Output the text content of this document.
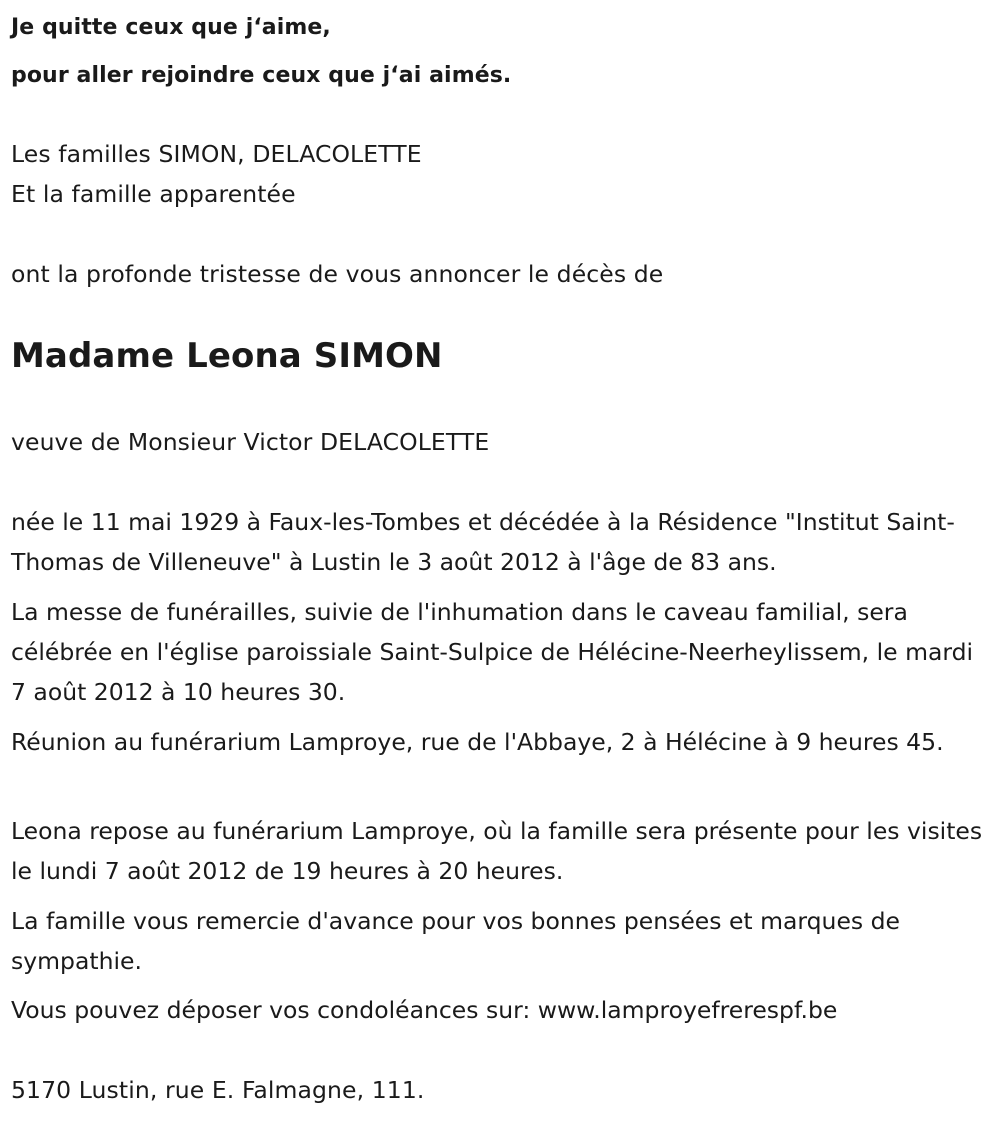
Je quitte ceux que j‘aime,
pour aller rejoindre ceux que j‘ai aimés.
Les familles SIMON, DELACOLETTE
Et la famille apparentée
ont la profonde tristesse de vous annoncer le décès de
Madame Leona SIMON
veuve de Monsieur Victor DELACOLETTE

née le 11 mai 1929 à Faux-les-Tombes et décédée à la Résidence "Institut Saint-Thomas de Villeneuve" à Lustin le 3 août 2012 à l'âge de 83 ans.

La messe de funérailles, suivie de l'inhumation dans le caveau familial, sera célébrée en l'église paroissiale Saint-Sulpice de Hélécine-Neerheylissem, le mardi 7 août 2012 à 10 heures 30.

Réunion au funérarium Lamproye, rue de l'Abbaye, 2 à Hélécine à 9 heures 45.

Leona repose au funérarium Lamproye, où la famille sera présente pour les visites le lundi 7 août 2012 de 19 heures à 20 heures.

La famille vous remercie d'avance pour vos bonnes pensées et marques de sympathie.

Vous pouvez déposer vos condoléances sur: www.lamproyefrerespf.be

5170 Lustin, rue E. Falmagne, 111.
